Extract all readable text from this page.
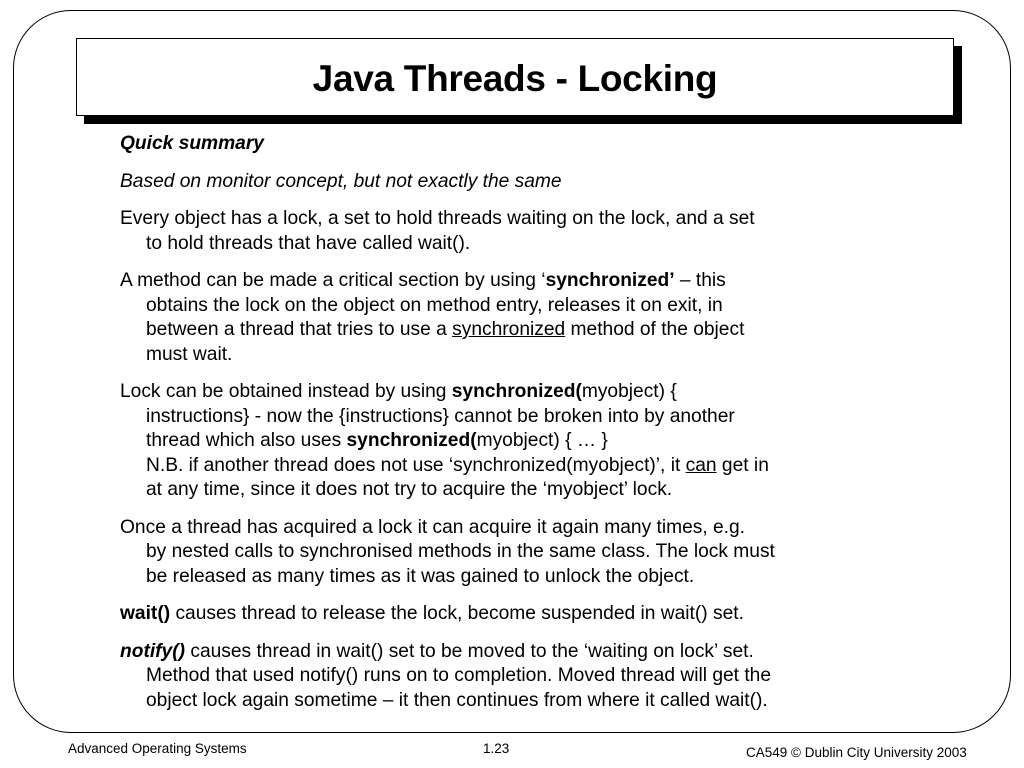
Java Threads - Locking

Quick summary

Based on monitor concept, but not exactly the same

Every object has a lock, a set to hold threads waiting on the lock, and a set
to hold threads that have called wait().

A method can be made a critical section by using ‘synchronized’ – this
obtains the lock on the object on method entry, releases it on exit, in
between a thread that tries to use a synchronized method of the object
must wait.

Lock can be obtained instead by using synchronized(myobject) {
instructions} - now the {instructions} cannot be broken into by another
thread which also uses synchronized(myobject) { … }
N.B. if another thread does not use ‘synchronized(myobject)’, it can get in
at any time, since it does not try to acquire the ‘myobject’ lock.

Once a thread has acquired a lock it can acquire it again many times, e.g.
by nested calls to synchronised methods in the same class. The lock must
be released as many times as it was gained to unlock the object.

wait() causes thread to release the lock, become suspended in wait() set.

notify() causes thread in wait() set to be moved to the ‘waiting on lock’ set.
Method that used notify() runs on to completion. Moved thread will get the
object lock again sometime – it then continues from where it called wait().

Advanced Operating Systems	1.23	CA549 © Dublin City University 2003
